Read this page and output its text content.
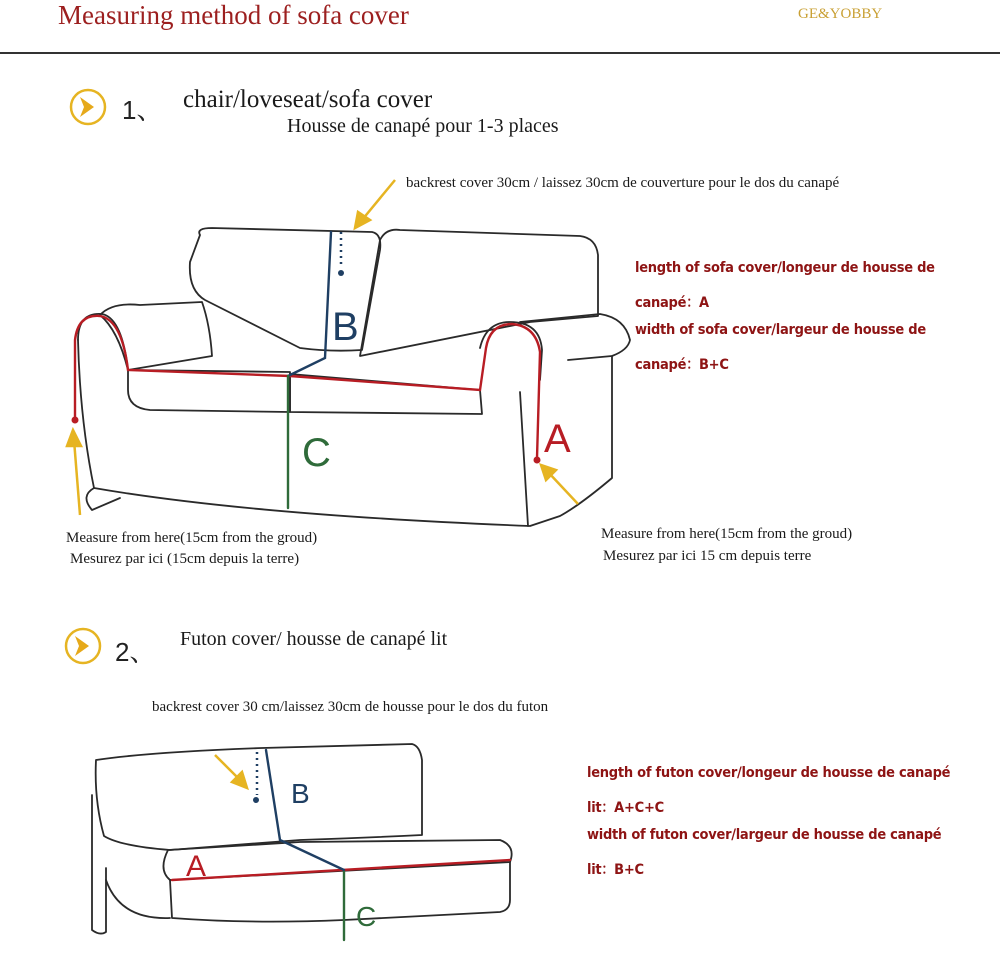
Measuring method of sofa cover	GE&YOBBY
1、 chair/loveseat/sofa cover
Housse de canapé pour 1-3 places
backrest cover 30cm / laissez 30cm de couverture pour le dos du canapé
length of sofa cover/longeur de housse de
canapé：A
width of sofa cover/largeur de housse de
canapé：B+C
Measure from here(15cm from the groud)
Mesurez par ici (15cm depuis la terre)
Measure from here(15cm from the groud)
Mesurez par ici 15 cm depuis terre
2、 Futon cover/ housse de canapé lit
backrest cover 30 cm/laissez 30cm de housse pour le dos du futon
length of futon cover/longeur de housse de canapé
lit：A+C+C
width of futon cover/largeur de housse de canapé
lit：B+C
A
B
C
A
B
C
